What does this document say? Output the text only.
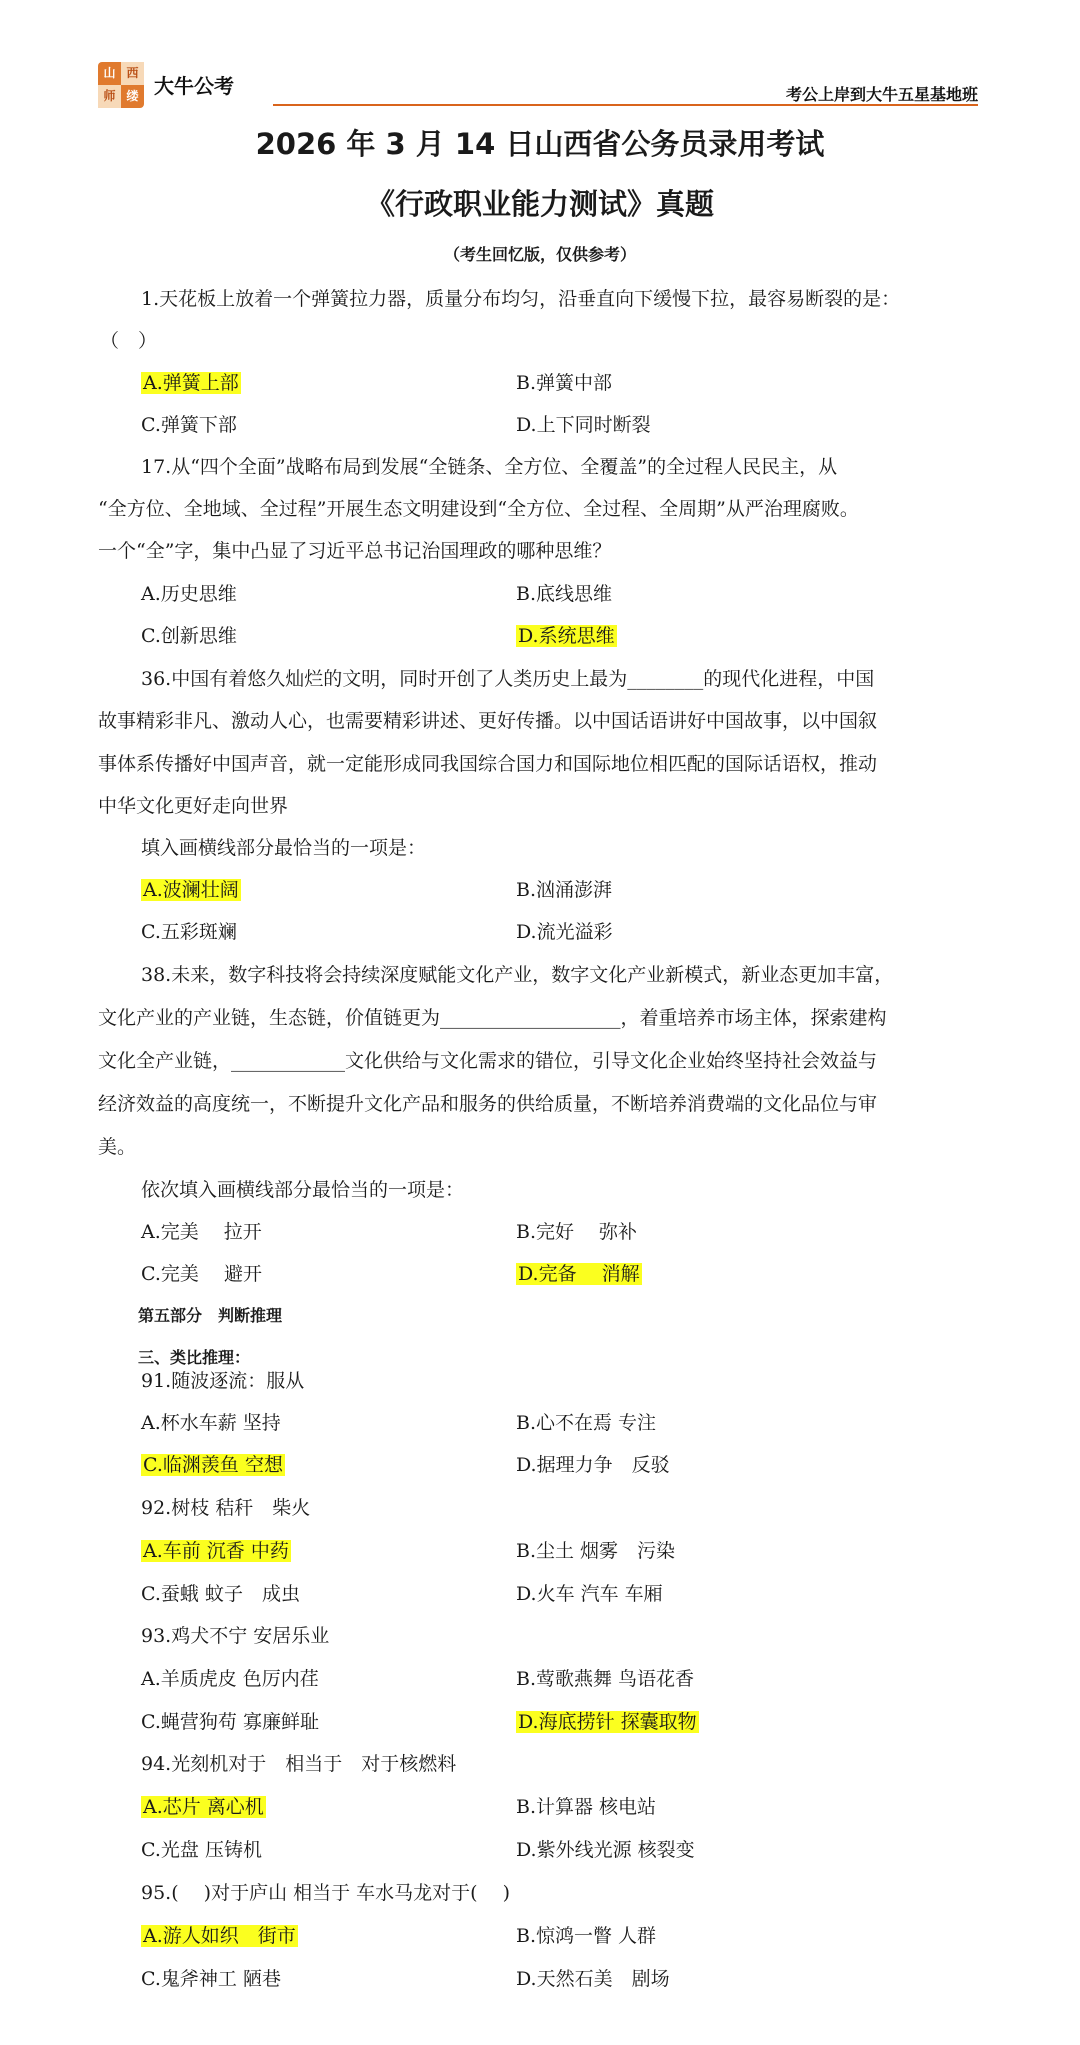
山 西
师 缕 大牛公考	考公上岸到大牛五星基地班
2026 年 3 月 14 日山西省公务员录用考试
《行政职业能力测试》真题
（考生回忆版，仅供参考）
1.天花板上放着一个弹簧拉力器，质量分布均匀，沿垂直向下缓慢下拉，最容易断裂的是：
（　）
A.弹簧上部	B.弹簧中部
C.弹簧下部	D.上下同时断裂
17.从“四个全面”战略布局到发展“全链条、全方位、全覆盖”的全过程人民民主，从
“全方位、全地域、全过程”开展生态文明建设到“全方位、全过程、全周期”从严治理腐败。
一个“全”字，集中凸显了习近平总书记治国理政的哪种思维？
A.历史思维	B.底线思维
C.创新思维	D.系统思维
36.中国有着悠久灿烂的文明，同时开创了人类历史上最为________的现代化进程，中国
故事精彩非凡、激动人心，也需要精彩讲述、更好传播。以中国话语讲好中国故事，以中国叙
事体系传播好中国声音，就一定能形成同我国综合国力和国际地位相匹配的国际话语权，推动
中华文化更好走向世界
填入画横线部分最恰当的一项是：
A.波澜壮阔	B.汹涌澎湃
C.五彩斑斓	D.流光溢彩
38.未来，数字科技将会持续深度赋能文化产业，数字文化产业新模式，新业态更加丰富，
文化产业的产业链，生态链，价值链更为___________________，着重培养市场主体，探索建构
文化全产业链，____________文化供给与文化需求的错位，引导文化企业始终坚持社会效益与
经济效益的高度统一，不断提升文化产品和服务的供给质量，不断培养消费端的文化品位与审
美。
依次填入画横线部分最恰当的一项是：
A.完美　 拉开	B.完好　 弥补
C.完美　 避开	D.完备　 消解
第五部分　判断推理
三、类比推理：
91.随波逐流：服从
A.杯水车薪 坚持	B.心不在焉 专注
C.临渊羡鱼 空想	D.据理力争　反驳
92.树枝 秸秆　柴火
A.车前 沉香 中药	B.尘土 烟雾　污染
C.蚕蛾 蚊子　成虫	D.火车 汽车 车厢
93.鸡犬不宁 安居乐业
A.羊质虎皮 色厉内荏	B.莺歌燕舞 鸟语花香
C.蝇营狗苟 寡廉鲜耻	D.海底捞针 探囊取物
94.光刻机对于　相当于　对于核燃料
A.芯片 离心机	B.计算器 核电站
C.光盘 压铸机	D.紫外线光源 核裂变
95.(　 )对于庐山 相当于 车水马龙对于(　 )
A.游人如织　街市	B.惊鸿一瞥 人群
C.鬼斧神工 陋巷	D.天然石美　剧场
